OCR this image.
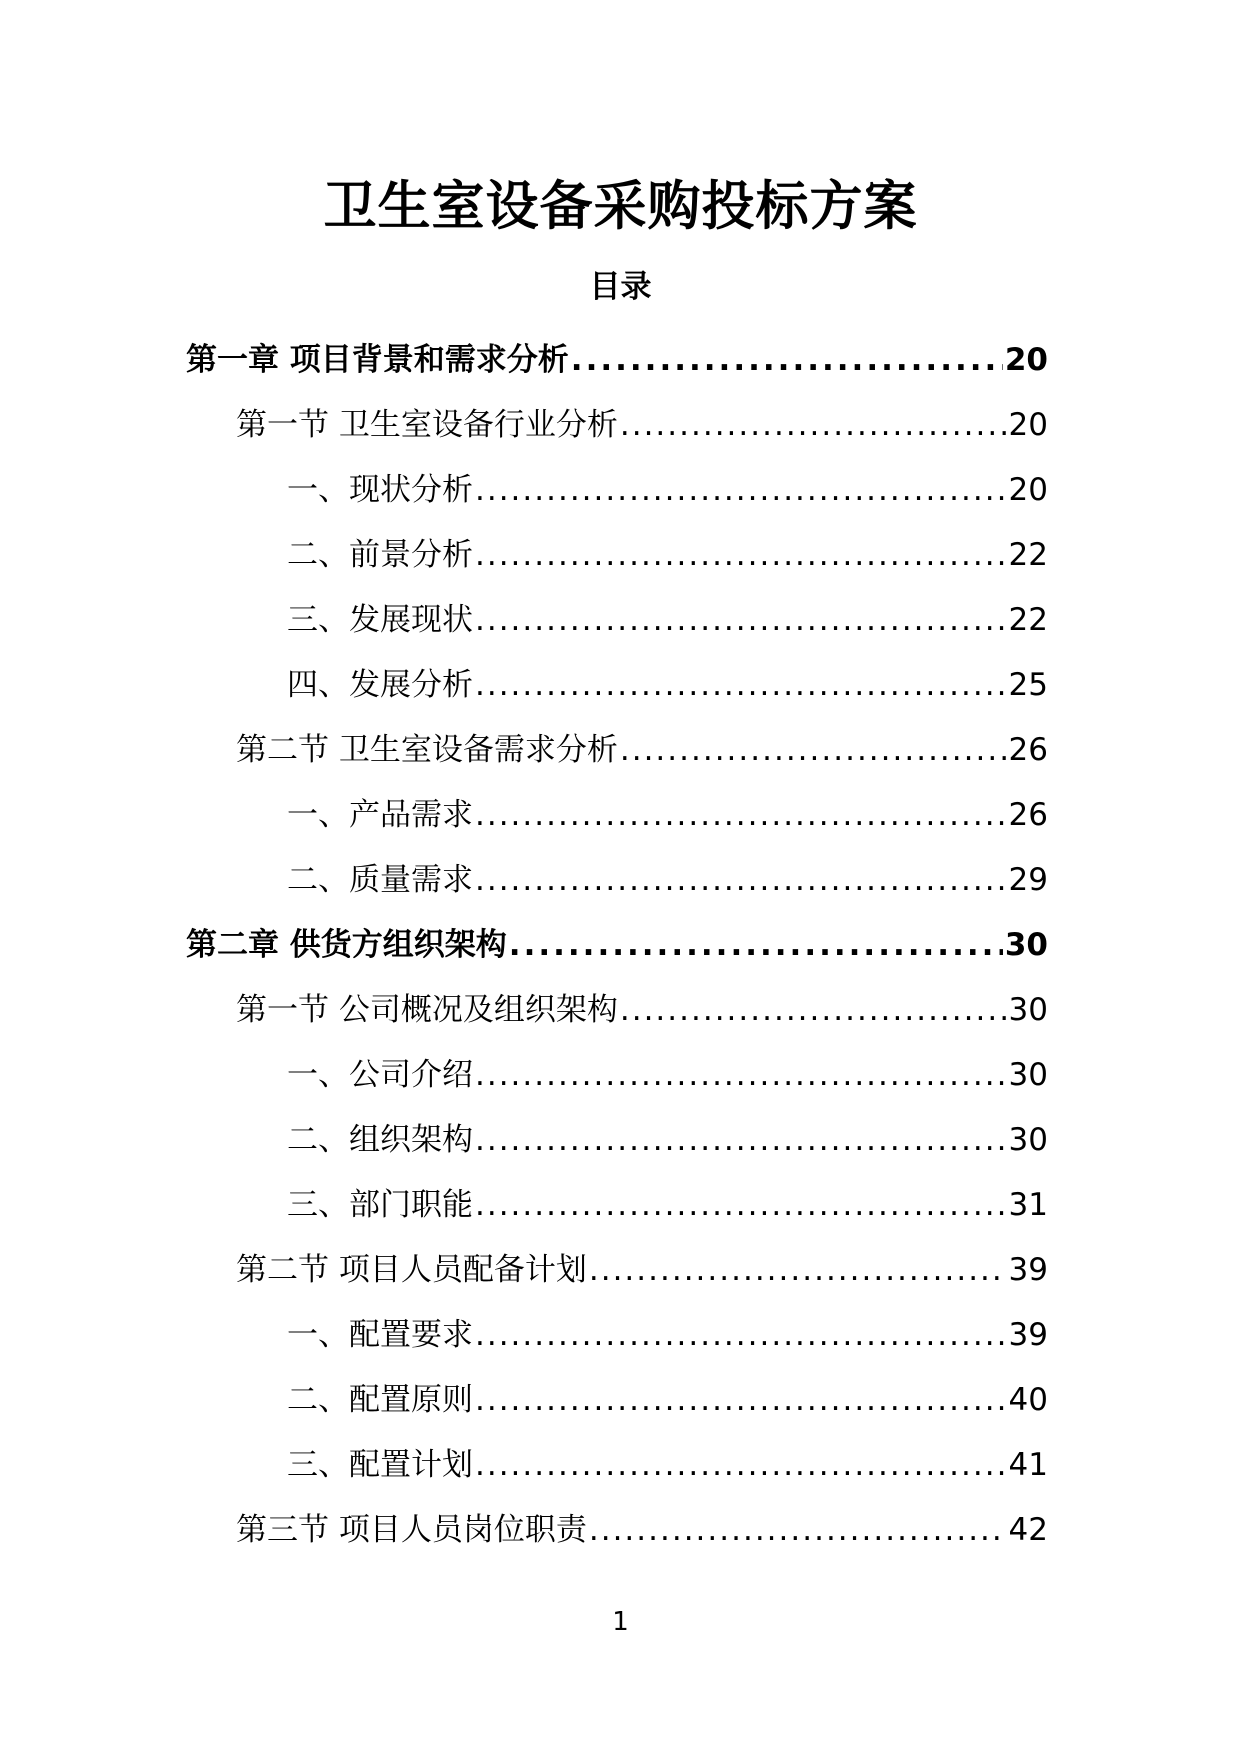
卫生室设备采购投标方案
目录
第一章 项目背景和需求分析 .....	20
第一节 卫生室设备行业分析 .....	20
一、现状分析 .....	20
二、前景分析 .....	22
三、发展现状 .....	22
四、发展分析 .....	25
第二节 卫生室设备需求分析 .....	26
一、产品需求 .....	26
二、质量需求 .....	29
第二章 供货方组织架构 .....	30
第一节 公司概况及组织架构 .....	30
一、公司介绍 .....	30
二、组织架构 .....	30
三、部门职能 .....	31
第二节 项目人员配备计划 .....	39
一、配置要求 .....	39
二、配置原则 .....	40
三、配置计划 .....	41
第三节 项目人员岗位职责 .....	42
1
